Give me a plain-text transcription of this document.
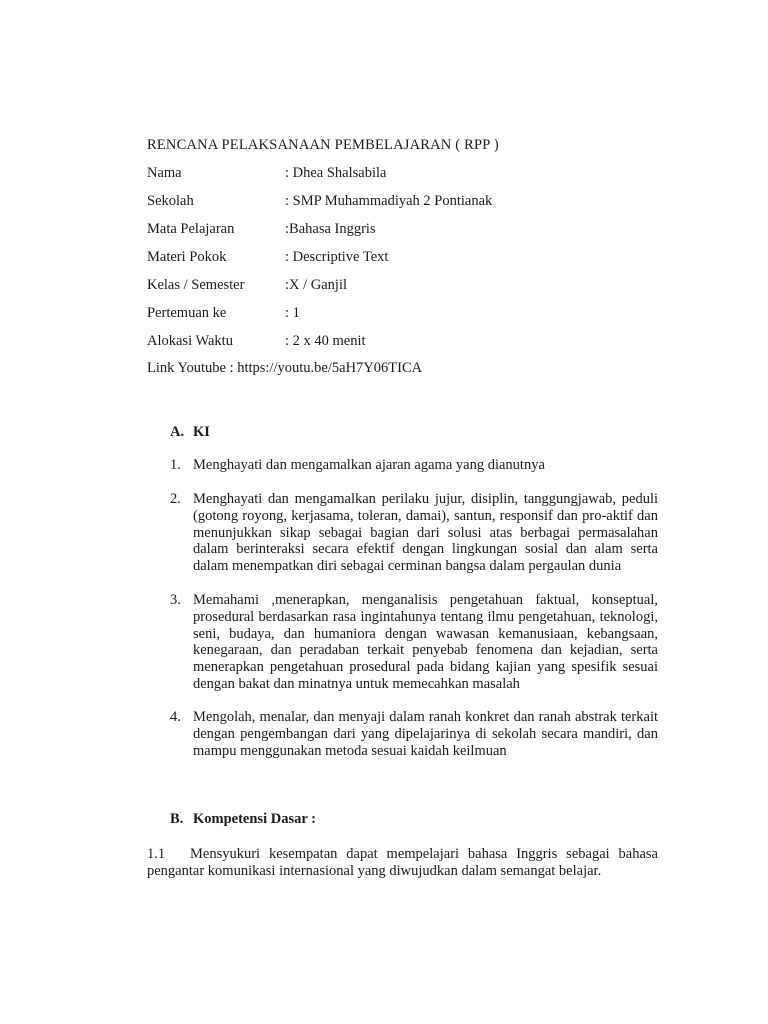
RENCANA PELAKSANAAN PEMBELAJARAN ( RPP )
Nama	: Dhea Shalsabila
Sekolah	: SMP Muhammadiyah 2 Pontianak
Mata Pelajaran	:Bahasa Inggris
Materi Pokok	: Descriptive Text
Kelas / Semester	:X / Ganjil
Pertemuan ke	: 1
Alokasi Waktu	: 2 x 40 menit
Link Youtube : https://youtu.be/5aH7Y06TICA
A. KI
1. Menghayati dan mengamalkan ajaran agama yang dianutnya
2. Menghayati dan mengamalkan perilaku jujur, disiplin, tanggungjawab, peduli (gotong royong, kerjasama, toleran, damai), santun, responsif dan pro-aktif dan menunjukkan sikap sebagai bagian dari solusi atas berbagai permasalahan dalam berinteraksi secara efektif dengan lingkungan sosial dan alam serta dalam menempatkan diri sebagai cerminan bangsa dalam pergaulan dunia
3. Memahami ,menerapkan, menganalisis pengetahuan faktual, konseptual, prosedural berdasarkan rasa ingintahunya tentang ilmu pengetahuan, teknologi, seni, budaya, dan humaniora dengan wawasan kemanusiaan, kebangsaan, kenegaraan, dan peradaban terkait penyebab fenomena dan kejadian, serta menerapkan pengetahuan prosedural pada bidang kajian yang spesifik sesuai dengan bakat dan minatnya untuk memecahkan masalah
4. Mengolah, menalar, dan menyaji dalam ranah konkret dan ranah abstrak terkait dengan pengembangan dari yang dipelajarinya di sekolah secara mandiri, dan mampu menggunakan metoda sesuai kaidah keilmuan
B. Kompetensi Dasar :
1.1 Mensyukuri kesempatan dapat mempelajari bahasa Inggris sebagai bahasa pengantar komunikasi internasional yang diwujudkan dalam semangat belajar.
